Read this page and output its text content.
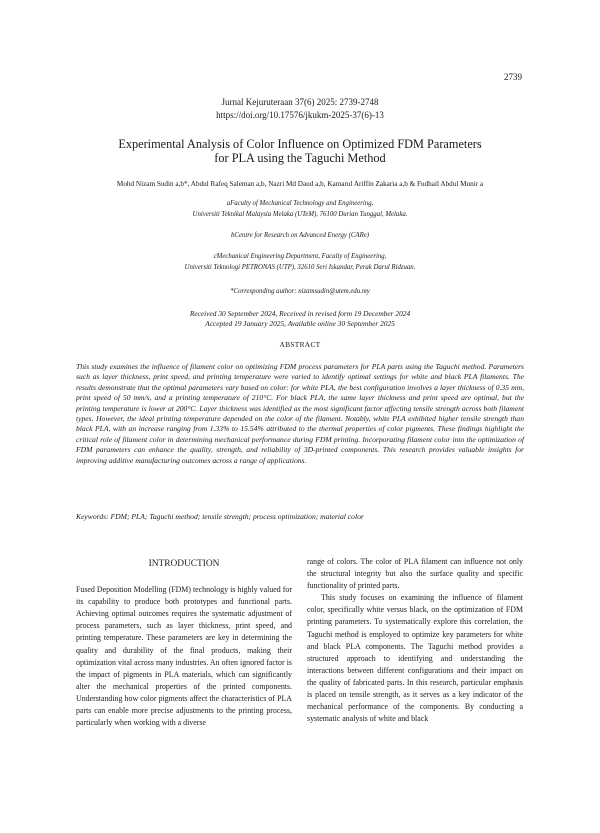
2739
Jurnal Kejuruteraan 37(6) 2025: 2739-2748
https://doi.org/10.17576/jkukm-2025-37(6)-13
Experimental Analysis of Color Influence on Optimized FDM Parameters
for PLA using the Taguchi Method
Mohd Nizam Sudin a,b*, Abdul Rafeq Saleman a,b, Nazri Md Daud a,b, Kamarul Ariffin Zakaria a,b & Fudhail Abdul Munir a
aFaculty of Mechanical Technology and Engineering,
Universiti Teknikal Malaysia Melaka (UTeM), 76100 Durian Tunggal, Melaka.
bCentre for Research on Advanced Energy (CARe)
cMechanical Engineering Department, Faculty of Engineering,
Universiti Teknologi PETRONAS (UTP), 32610 Seri Iskandar, Perak Darul Ridzuan.
*Corresponding author: nizamsudin@utem.edu.my
Received 30 September 2024, Received in revised form 19 December 2024
Accepted 19 January 2025, Available online 30 September 2025
ABSTRACT
This study examines the influence of filament color on optimizing FDM process parameters for PLA parts using the Taguchi method. Parameters such as layer thickness, print speed, and printing temperature were varied to identify optimal settings for white and black PLA filaments. The results demonstrate that the optimal parameters vary based on color: for white PLA, the best configuration involves a layer thickness of 0.35 mm, print speed of 50 mm/s, and a printing temperature of 210°C. For black PLA, the same layer thickness and print speed are optimal, but the printing temperature is lower at 200°C. Layer thickness was identified as the most significant factor affecting tensile strength across both filament types. However, the ideal printing temperature depended on the color of the filament. Notably, white PLA exhibited higher tensile strength than black PLA, with an increase ranging from 1.33% to 15.54% attributed to the thermal properties of color pigments. These findings highlight the critical role of filament color in determining mechanical performance during FDM printing. Incorporating filament color into the optimization of FDM parameters can enhance the quality, strength, and reliability of 3D-printed components. This research provides valuable insights for improving additive manufacturing outcomes across a range of applications.
Keywords: FDM; PLA; Taguchi method; tensile strength; process optimization; material color
INTRODUCTION

Fused Deposition Modelling (FDM) technology is highly valued for its capability to produce both prototypes and functional parts. Achieving optimal outcomes requires the systematic adjustment of process parameters, such as layer thickness, print speed, and printing temperature. These parameters are key in determining the quality and durability of the final products, making their optimization vital across many industries. An often ignored factor is the impact of pigments in PLA materials, which can significantly alter the mechanical properties of the printed components. Understanding how color pigments affect the characteristics of PLA parts can enable more precise adjustments to the printing process, particularly when working with a diverse

range of colors. The color of PLA filament can influence not only the structural integrity but also the surface quality and specific functionality of printed parts.

This study focuses on examining the influence of filament color, specifically white versus black, on the optimization of FDM printing parameters. To systematically explore this correlation, the Taguchi method is employed to optimize key parameters for white and black PLA components. The Taguchi method provides a structured approach to identifying and understanding the interactions between different configurations and their impact on the quality of fabricated parts. In this research, particular emphasis is placed on tensile strength, as it serves as a key indicator of the mechanical performance of the components. By conducting a systematic analysis of white and black
